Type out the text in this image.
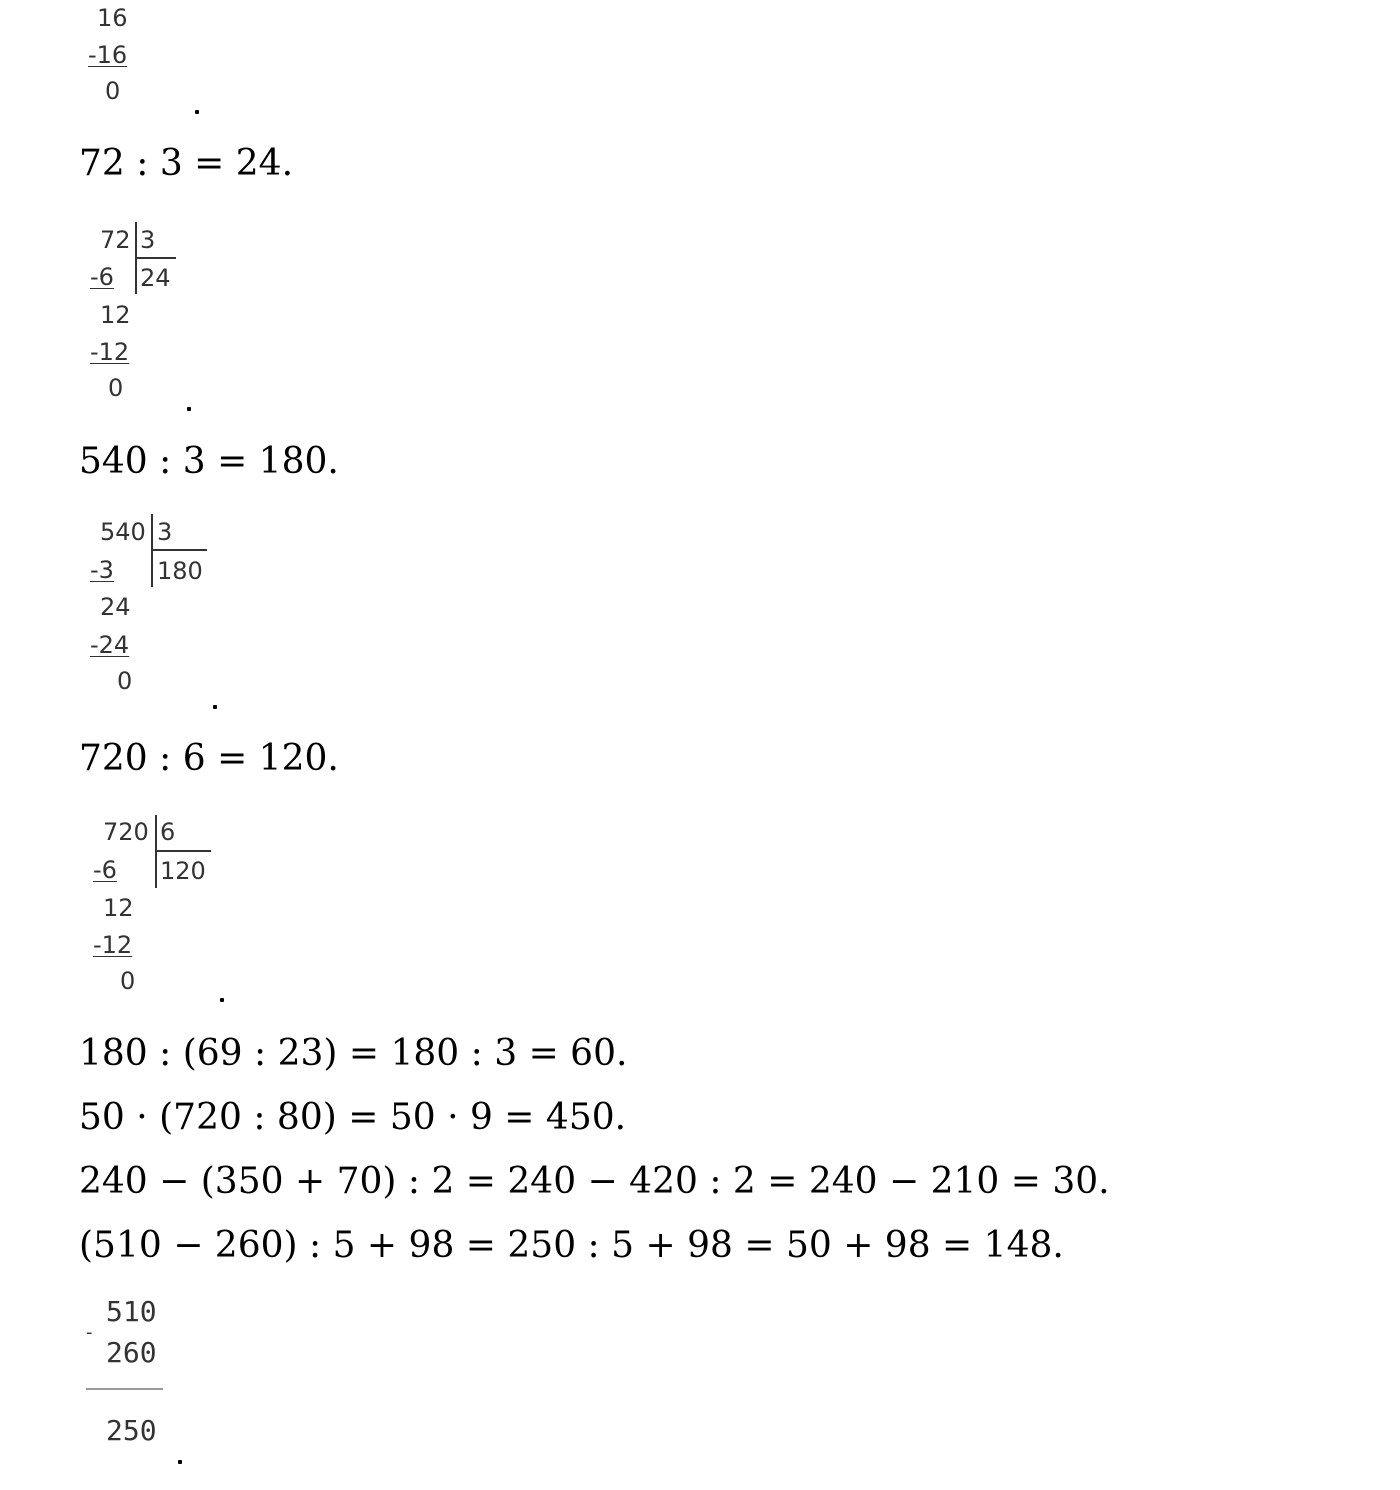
16
-16
0
72 : 3 = 24.
72 3
24
-6
12
-12
0
540 : 3 = 180.
540 3
180
-3
24
-24
0
720 : 6 = 120.
720 6
120
-6
12
-12
0
180 : (69 : 23) = 180 : 3 = 60.
50 · (720 : 80) = 50 · 9 = 450.
240 − (350 + 70) : 2 = 240 − 420 : 2 = 240 − 210 = 30.
(510 − 260) : 5 + 98 = 250 : 5 + 98 = 50 + 98 = 148.
-
510
260
250
